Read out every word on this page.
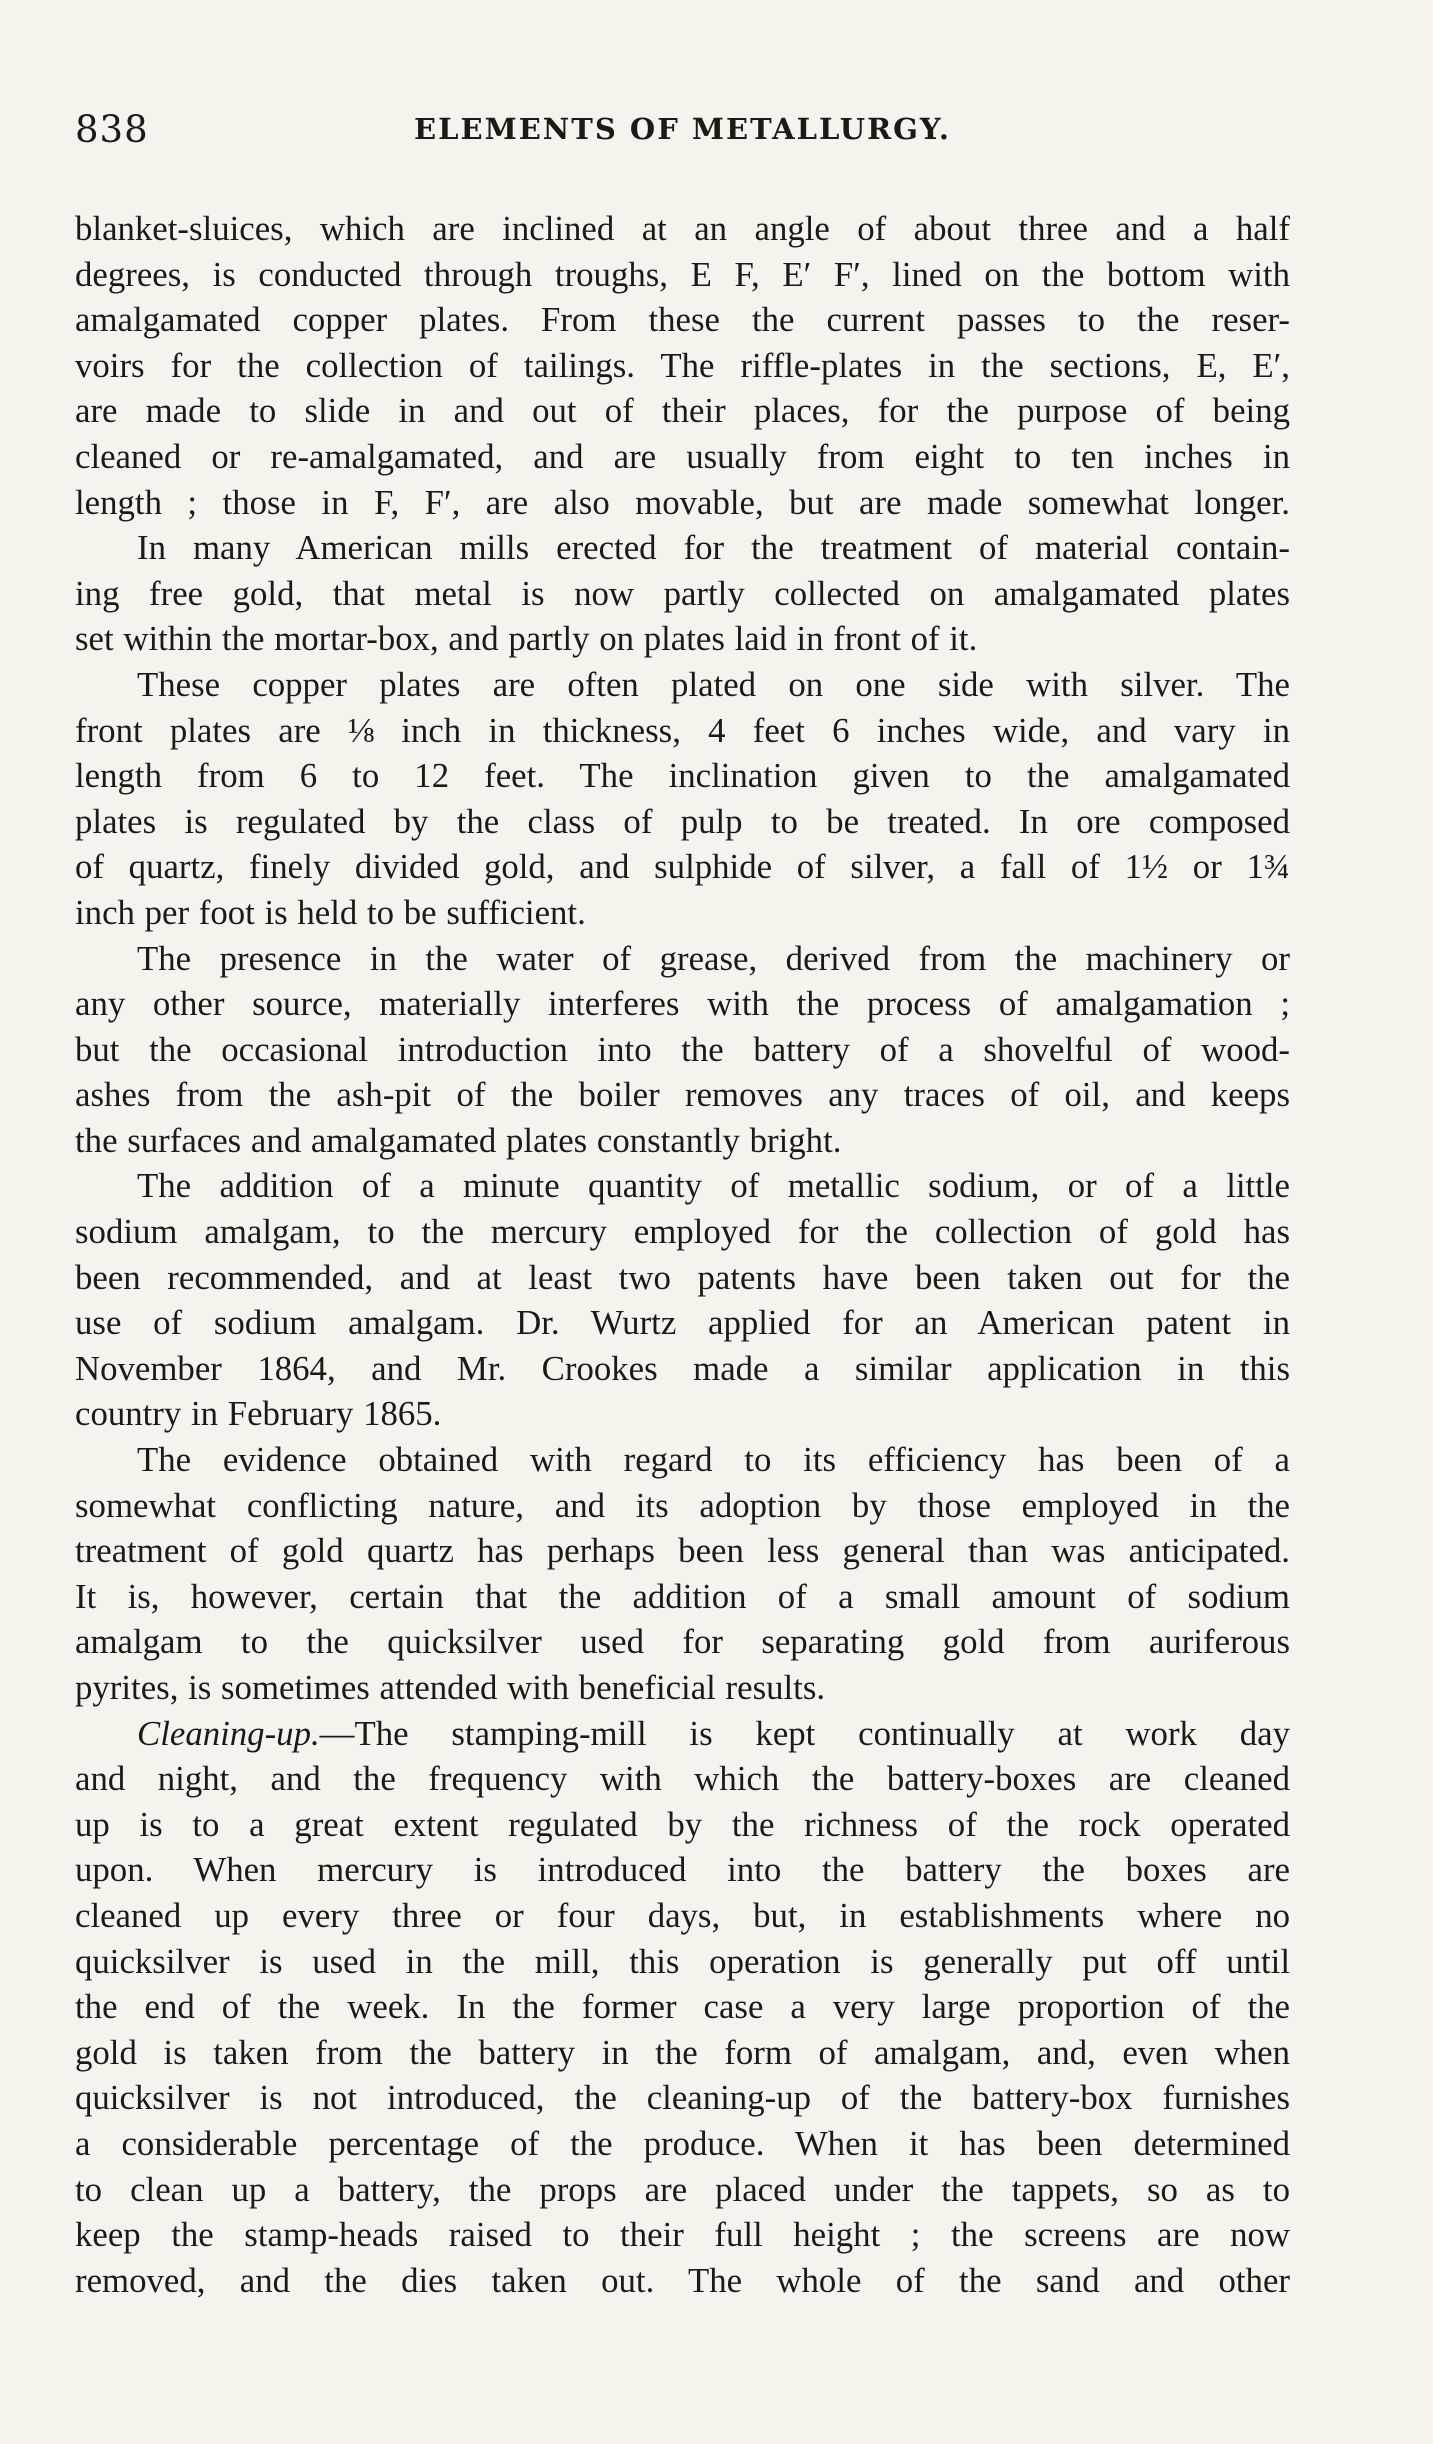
838	ELEMENTS OF METALLURGY.

blanket-sluices, which are inclined at an angle of about three and a half
degrees, is conducted through troughs, E F, E′ F′, lined on the bottom with
amalgamated copper plates. From these the current passes to the reser-
voirs for the collection of tailings. The riffle-plates in the sections, E, E′,
are made to slide in and out of their places, for the purpose of being
cleaned or re-amalgamated, and are usually from eight to ten inches in
length ; those in F, F′, are also movable, but are made somewhat longer.

In many American mills erected for the treatment of material contain-
ing free gold, that metal is now partly collected on amalgamated plates
set within the mortar-box, and partly on plates laid in front of it.

These copper plates are often plated on one side with silver. The
front plates are ⅛ inch in thickness, 4 feet 6 inches wide, and vary in
length from 6 to 12 feet. The inclination given to the amalgamated
plates is regulated by the class of pulp to be treated. In ore composed
of quartz, finely divided gold, and sulphide of silver, a fall of 1½ or 1¾
inch per foot is held to be sufficient.

The presence in the water of grease, derived from the machinery or
any other source, materially interferes with the process of amalgamation ;
but the occasional introduction into the battery of a shovelful of wood-
ashes from the ash-pit of the boiler removes any traces of oil, and keeps
the surfaces and amalgamated plates constantly bright.

The addition of a minute quantity of metallic sodium, or of a little
sodium amalgam, to the mercury employed for the collection of gold has
been recommended, and at least two patents have been taken out for the
use of sodium amalgam. Dr. Wurtz applied for an American patent in
November 1864, and Mr. Crookes made a similar application in this
country in February 1865.

The evidence obtained with regard to its efficiency has been of a
somewhat conflicting nature, and its adoption by those employed in the
treatment of gold quartz has perhaps been less general than was anticipated.
It is, however, certain that the addition of a small amount of sodium
amalgam to the quicksilver used for separating gold from auriferous
pyrites, is sometimes attended with beneficial results.

Cleaning-up.—The stamping-mill is kept continually at work day
and night, and the frequency with which the battery-boxes are cleaned
up is to a great extent regulated by the richness of the rock operated
upon. When mercury is introduced into the battery the boxes are
cleaned up every three or four days, but, in establishments where no
quicksilver is used in the mill, this operation is generally put off until
the end of the week. In the former case a very large proportion of the
gold is taken from the battery in the form of amalgam, and, even when
quicksilver is not introduced, the cleaning-up of the battery-box furnishes
a considerable percentage of the produce. When it has been determined
to clean up a battery, the props are placed under the tappets, so as to
keep the stamp-heads raised to their full height ; the screens are now
removed, and the dies taken out. The whole of the sand and other
